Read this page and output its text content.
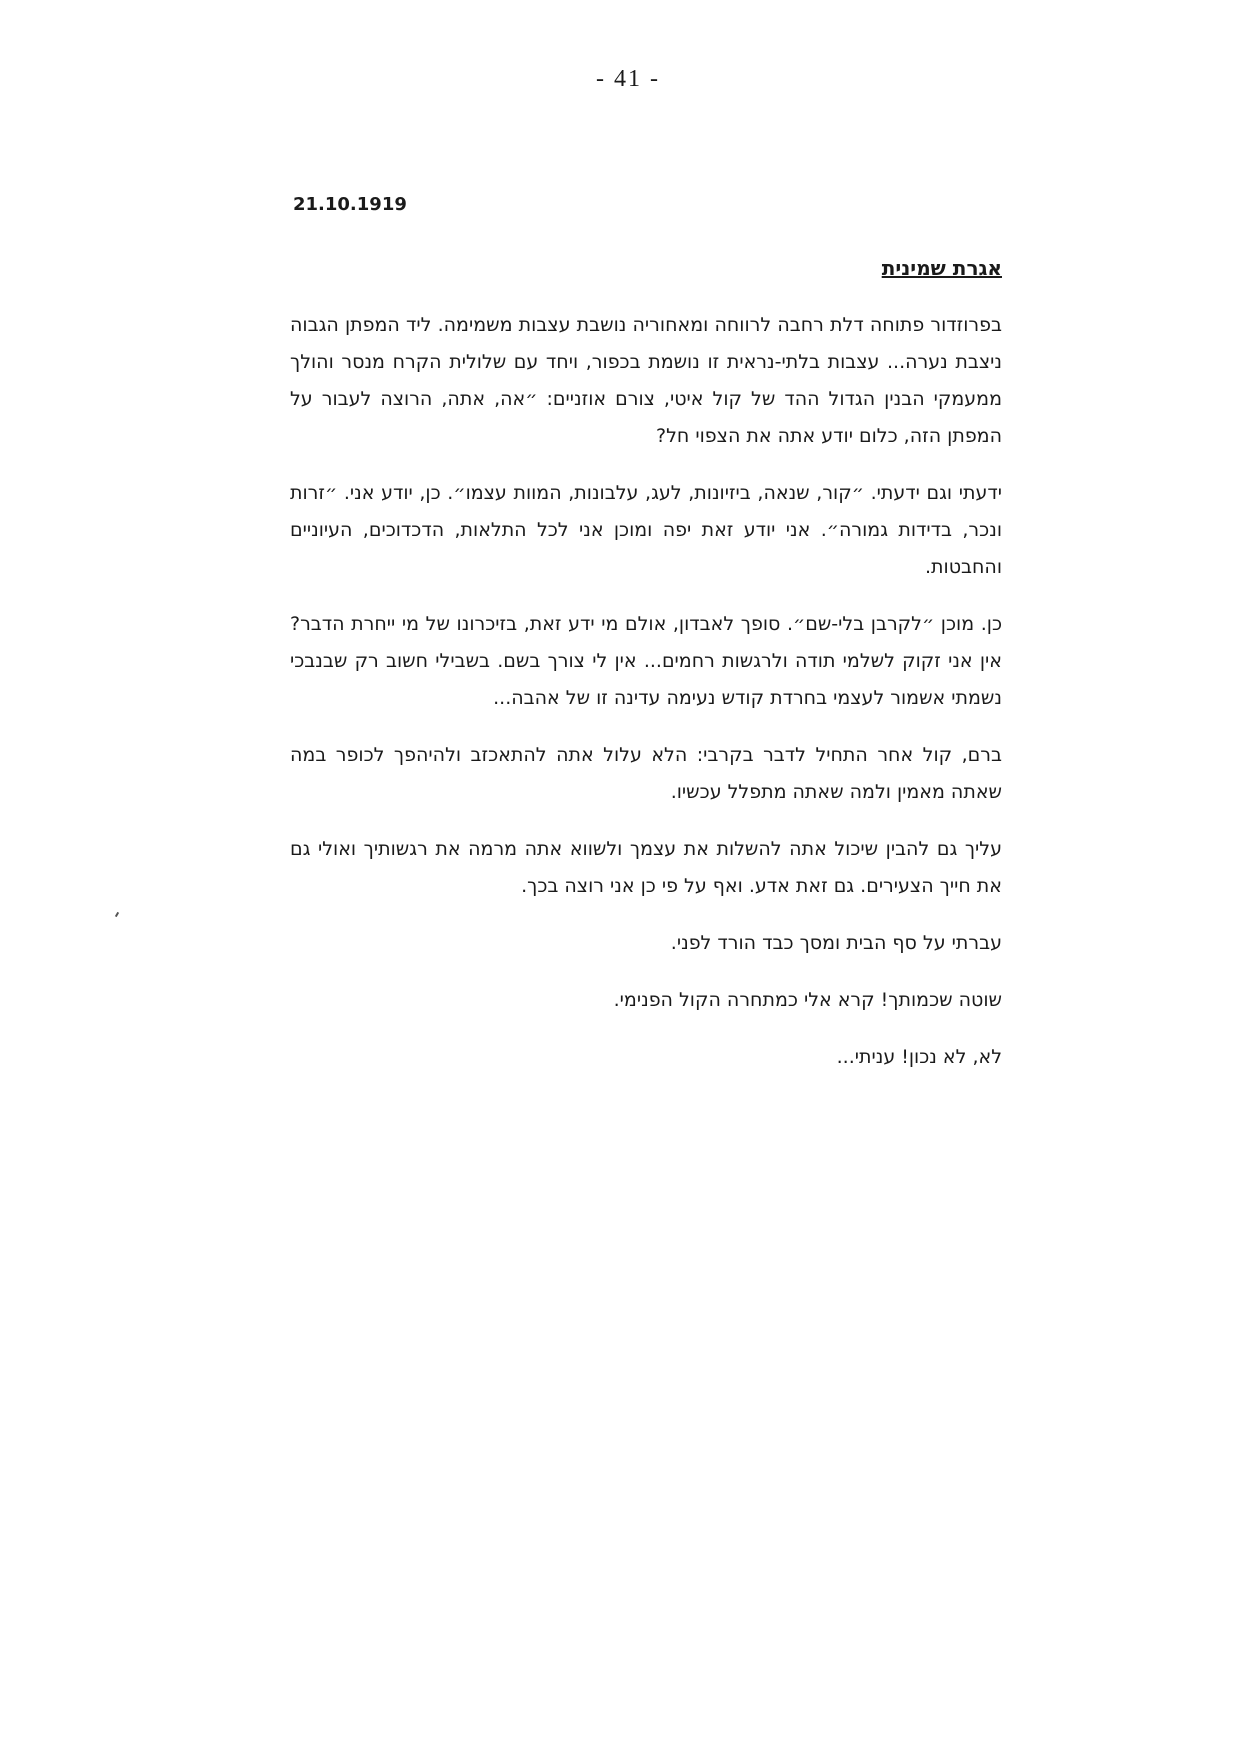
- 41 -
21.10.1919
אגרת שמינית

בפרוזדור פתוחה דלת רחבה לרווחה ומאחוריה נושבת עצבות משמימה. ליד המפתן הגבוה ניצבת נערה... עצבות בלתי-נראית זו נושמת בכפור, ויחד עם שלולית הקרח מנסר והולך ממעמקי הבנין הגדול ההד של קול איטי, צורם אוזניים: ״אה, אתה, הרוצה לעבור על המפתן הזה, כלום יודע אתה את הצפוי חל?

ידעתי וגם ידעתי. ״קור, שנאה, ביזיונות, לעג, עלבונות, המוות עצמו״. כן, יודע אני. ״זרות ונכר, בדידות גמורה״. אני יודע זאת יפה ומוכן אני לכל התלאות, הדכדוכים, העיוניים והחבטות.

כן. מוכן ״לקרבן בלי-שם״. סופך לאבדון, אולם מי ידע זאת, בזיכרונו של מי ייחרת הדבר? אין אני זקוק לשלמי תודה ולרגשות רחמים... אין לי צורך בשם. בשבילי חשוב רק שבנבכי נשמתי אשמור לעצמי בחרדת קודש נעימה עדינה זו של אהבה...

ברם, קול אחר התחיל לדבר בקרבי: הלא עלול אתה להתאכזב ולהיהפך לכופר במה שאתה מאמין ולמה שאתה מתפלל עכשיו.

עליך גם להבין שיכול אתה להשלות את עצמך ולשווא אתה מרמה את רגשותיך ואולי גם את חייך הצעירים. גם זאת אדע. ואף על פי כן אני רוצה בכך.

עברתי על סף הבית ומסך כבד הורד לפני.

שוטה שכמותך! קרא אלי כמתחרה הקול הפנימי.

לא, לא נכון! עניתי...
